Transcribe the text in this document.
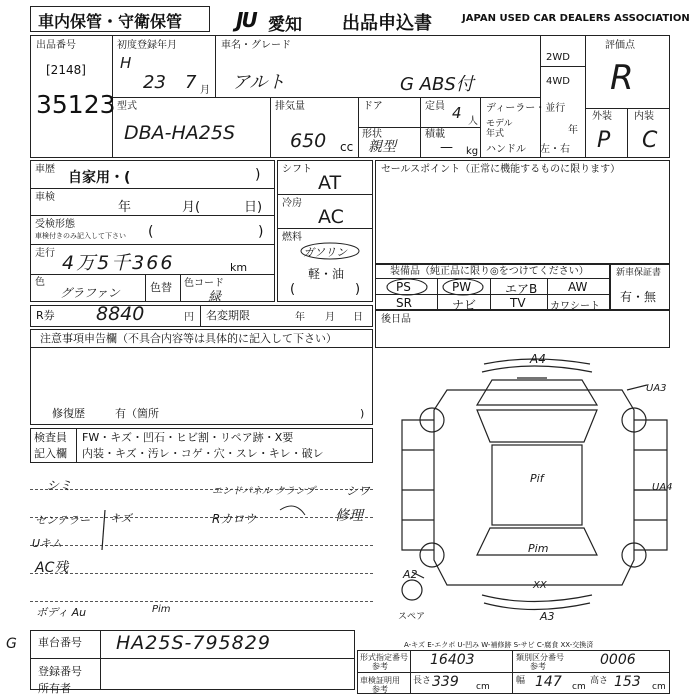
車内保管・守衛保管	JU 愛知 出品申込書	JAPAN USED CAR DEALERS ASSOCIATION
出品番号
[2148]
35123
初度登録年月
H
23 7 月
車名・グレード
アルト	G ABS付
2WD
4WD
評価点
R
型式
DBA-HA25S
排気量
650 cc
ドア	定員 4 人
形状
親型
積載
— kg
ディーラー・並行
モデル
年式	年
ハンドル 左・右
外装 内装
P C
車歴
自家用・(	)
車検
年	月(	日)
受検形態
車検付きのみ記入して下さい (	)
走行 4万5千366	km
色
グラファン	色替 色コード
緑
シフト
AT
冷房
AC
燃料
ガソリン
軽・油
(	)
セールスポイント（正常に機能するものに限ります）
装備品（純正品に限り◎をつけてください）
PS	PW	エアB	AW
SR	ナビ	TV カワシート
新車保証書
有・無
R券 8840	円 名変期限	年 月 日
注意事項申告欄（不具合内容等は具体的に記入して下さい）
修復歴	有（箇所	)
後日品
検査員
記入欄
FW・キズ・凹石・ヒビ割・リペア跡・X要
内装・キズ・汚レ・コゲ・穴・スレ・キレ・破レ
シミ	エンドパネル クランプ	シワ
センテラー キズ	Rカロウ	修理
Uキム
AC残
ボディ Au	Pim
A4
UA3
UA4
Pif
Pim
XX
A2
A3
スペア
A-キズ E-エクボ U-凹み W-補修跡 S-サビ C-腐食 XX-交換済
車台番号 HA25S-795829
登録番号
所有者
G
形式指定番号
参考	16403	類別区分番号
参考	0006
車検証明用
参考
長さ 339 cm
幅 147 cm
高さ 153 cm
